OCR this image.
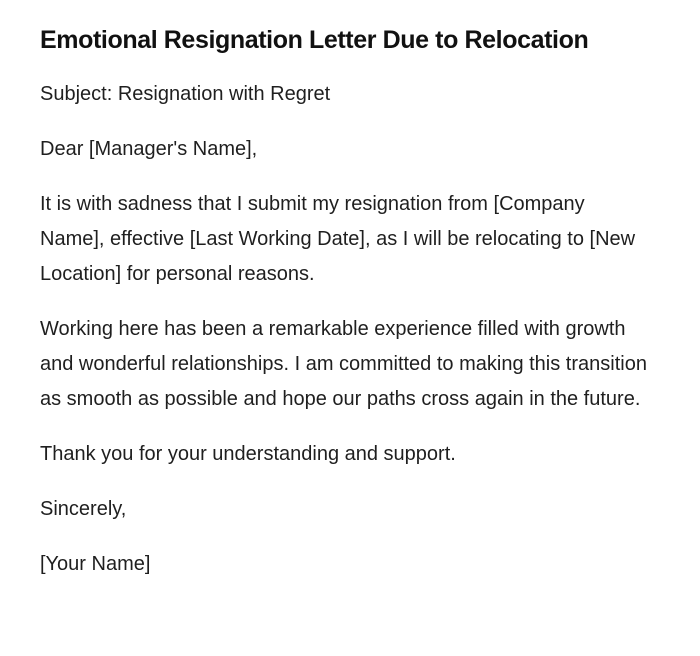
Emotional Resignation Letter Due to Relocation

Subject: Resignation with Regret

Dear [Manager's Name],

It is with sadness that I submit my resignation from [Company Name], effective [Last Working Date], as I will be relocating to [New Location] for personal reasons.

Working here has been a remarkable experience filled with growth and wonderful relationships. I am committed to making this transition as smooth as possible and hope our paths cross again in the future.

Thank you for your understanding and support.

Sincerely,

[Your Name]
